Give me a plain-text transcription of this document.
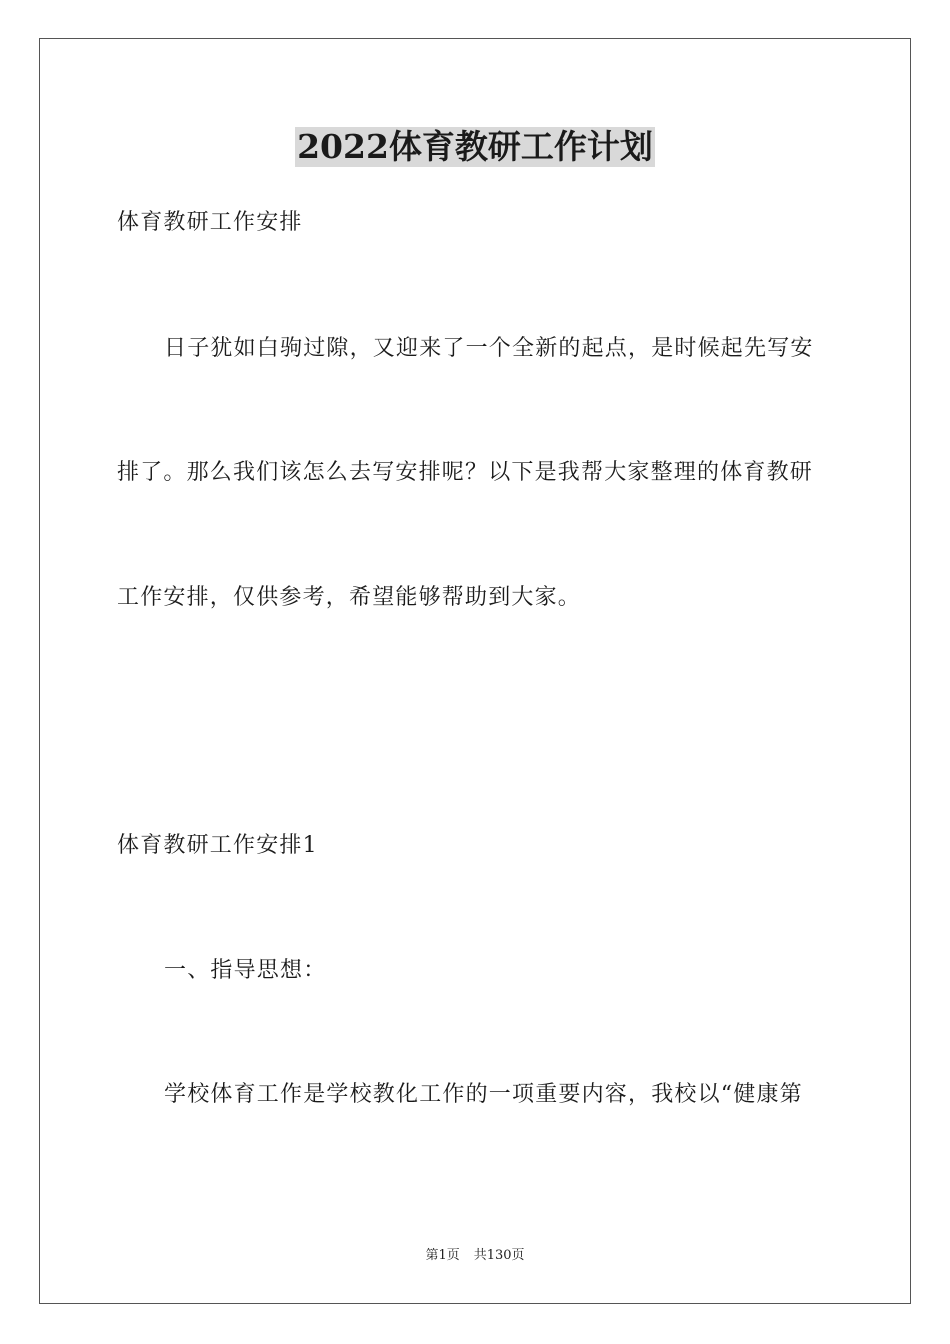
2022体育教研工作计划
体育教研工作安排
日子犹如白驹过隙，又迎来了一个全新的起点，是时候起先写安
排了。那么我们该怎么去写安排呢？以下是我帮大家整理的体育教研
工作安排，仅供参考，希望能够帮助到大家。
体育教研工作安排1
一、指导思想：
学校体育工作是学校教化工作的一项重要内容，我校以“健康第
第1页 共130页
